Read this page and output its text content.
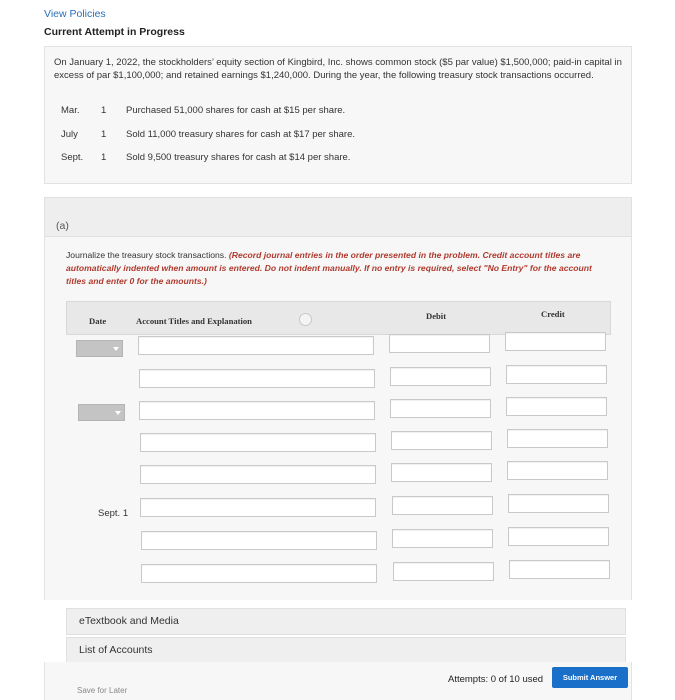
View Policies
Current Attempt in Progress
On January 1, 2022, the stockholders’ equity section of Kingbird, Inc. shows common stock ($5 par value) $1,500,000; paid-in capital in excess of par $1,100,000; and retained earnings $1,240,000. During the year, the following treasury stock transactions occurred.
Mar.	1	Purchased 51,000 shares for cash at $15 per share.
July	1	Sold 11,000 treasury shares for cash at $17 per share.
Sept.	1	Sold 9,500 treasury shares for cash at $14 per share.
(a)
Journalize the treasury stock transactions. (Record journal entries in the order presented in the problem. Credit account titles are automatically indented when amount is entered. Do not indent manually. If no entry is required, select "No Entry" for the account titles and enter 0 for the amounts.)
Date	Account Titles and Explanation	Debit	Credit
Sept. 1
eTextbook and Media
List of Accounts
Save for Later
Attempts: 0 of 10 used	Submit Answer
